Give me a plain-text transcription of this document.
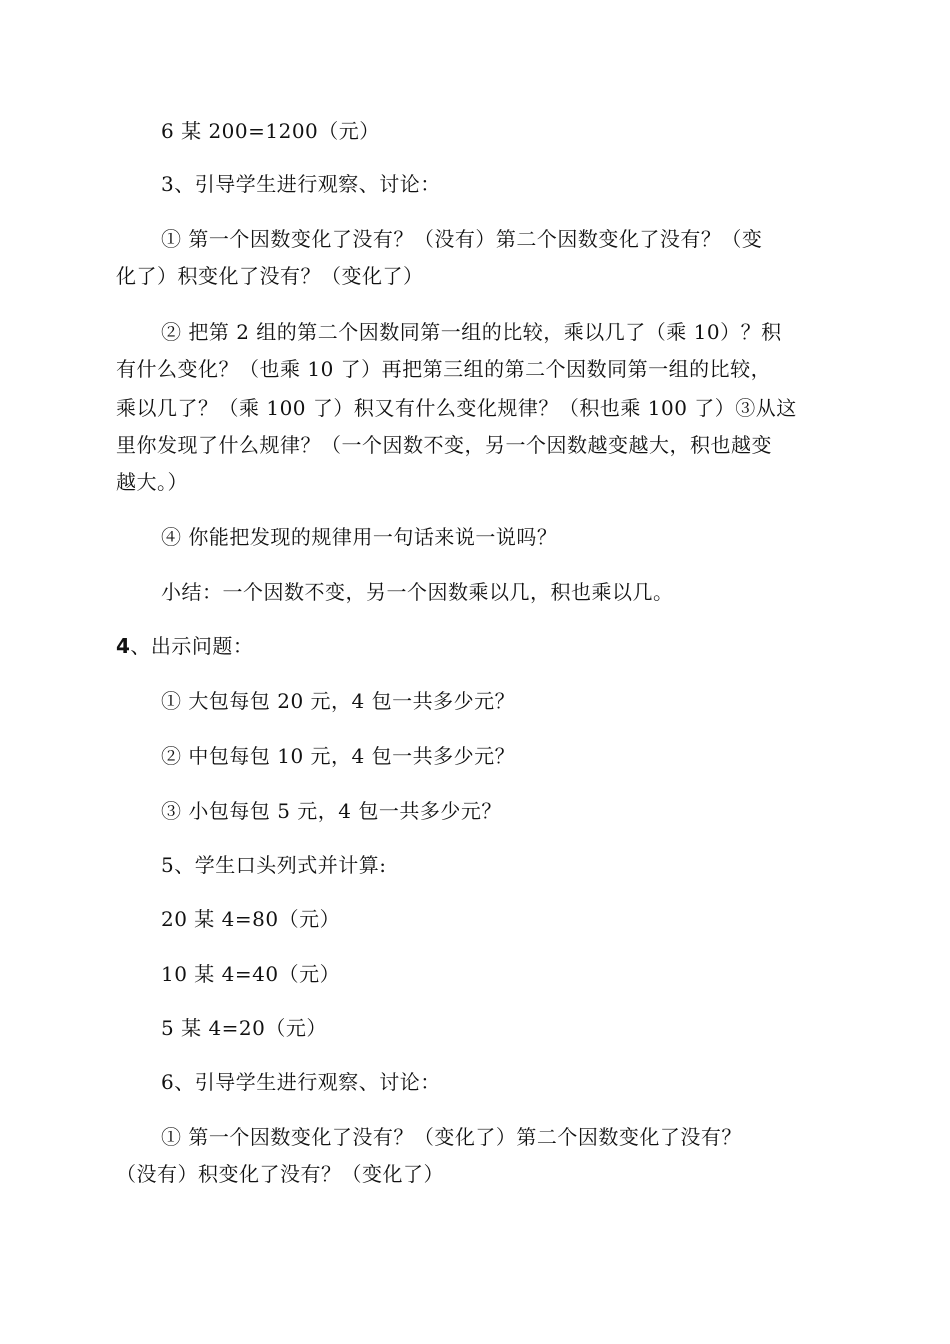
6 某 200=1200（元）
3、引导学生进行观察、讨论：
① 第一个因数变化了没有？（没有）第二个因数变化了没有？（变
化了）积变化了没有？（变化了）
② 把第 2 组的第二个因数同第一组的比较，乘以几了（乘 10）？积
有什么变化？（也乘 10 了）再把第三组的第二个因数同第一组的比较，
乘以几了？（乘 100 了）积又有什么变化规律？（积也乘 100 了）③从这
里你发现了什么规律？（一个因数不变，另一个因数越变越大，积也越变
越大。）
④ 你能把发现的规律用一句话来说一说吗？
小结：一个因数不变，另一个因数乘以几，积也乘以几。
4、出示问题：
① 大包每包 20 元，4 包一共多少元？
② 中包每包 10 元，4 包一共多少元？
③ 小包每包 5 元，4 包一共多少元？
5、学生口头列式并计算:
20 某 4=80（元）
10 某 4=40（元）
5 某 4=20（元）
6、引导学生进行观察、讨论：
① 第一个因数变化了没有？（变化了）第二个因数变化了没有？
（没有）积变化了没有？（变化了）
